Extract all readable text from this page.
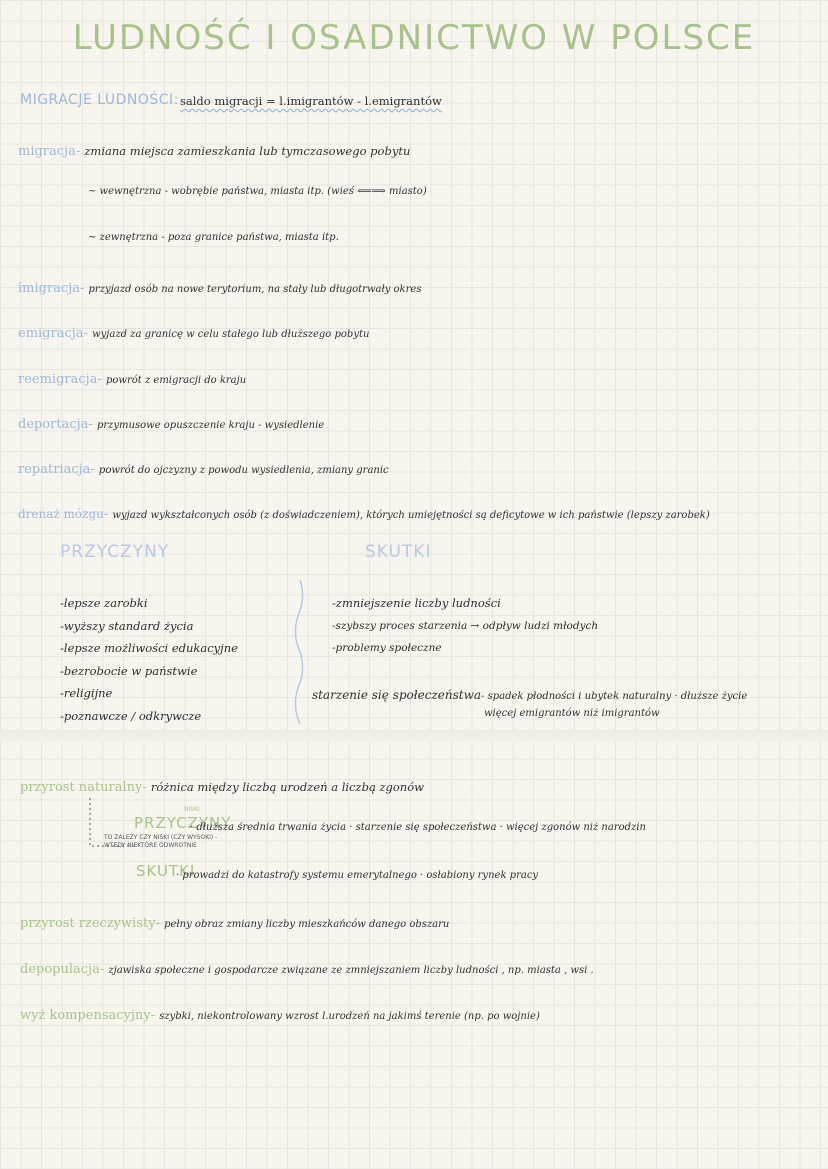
LUDNOŚĆ I OSADNICTWO W POLSCE
MIGRACJE LUDNOŚCI: saldo migracji = l.imigrantów - l.emigrantów
migracja- zmiana miejsca zamieszkania lub tymczasowego pobytu
~ wewnętrzna - wobrębie państwa, miasta itp. (wieś ⟸⟹ miasto)
~ zewnętrzna - poza granice państwa, miasta itp.
imigracja- przyjazd osób na nowe terytorium, na stały lub długotrwały okres
emigracja- wyjazd za granicę w celu stałego lub dłuższego pobytu
reemigracja- powrót z emigracji do kraju
deportacja- przymusowe opuszczenie kraju - wysiedlenie
repatriacja- powrót do ojczyzny z powodu wysiedlenia, zmiany granic
drenaż mózgu- wyjazd wykształconych osób (z doświadczeniem), których umiejętności są deficytowe w ich państwie (lepszy zarobek)
PRZYCZYNY	SKUTKI
-lepsze zarobki
-wyższy standard życia
-lepsze możliwości edukacyjne
-bezrobocie w państwie
-religijne
-poznawcze / odkrywcze
-zmniejszenie liczby ludności
-szybszy proces starzenia → odpływ ludzi młodych
-problemy społeczne
starzenie się społeczeństwa- spadek płodności i ubytek naturalny · dłuższe życie
więcej emigrantów niż imigrantów
przyrost naturalny- różnica między liczbą urodzeń a liczbą zgonów
PRZYCZYNY
NISKI
TO ZALEŻY CZY NISKI (CZY WYSOKI) - WTEDY NIEKTÓRE ODWROTNIE
· dłuższa średnia trwania życia · starzenie się społeczeństwa · więcej zgonów niż narodzin
SKUTKI
· prowadzi do katastrofy systemu emerytalnego · osłabiony rynek pracy
przyrost rzeczywisty- pełny obraz zmiany liczby mieszkańców danego obszaru
depopulacja- zjawiska społeczne i gospodarcze związane ze zmniejszaniem liczby ludności , np. miasta , wsi .
wyż kompensacyjny- szybki, niekontrolowany wzrost l.urodzeń na jakimś terenie (np. po wojnie)
